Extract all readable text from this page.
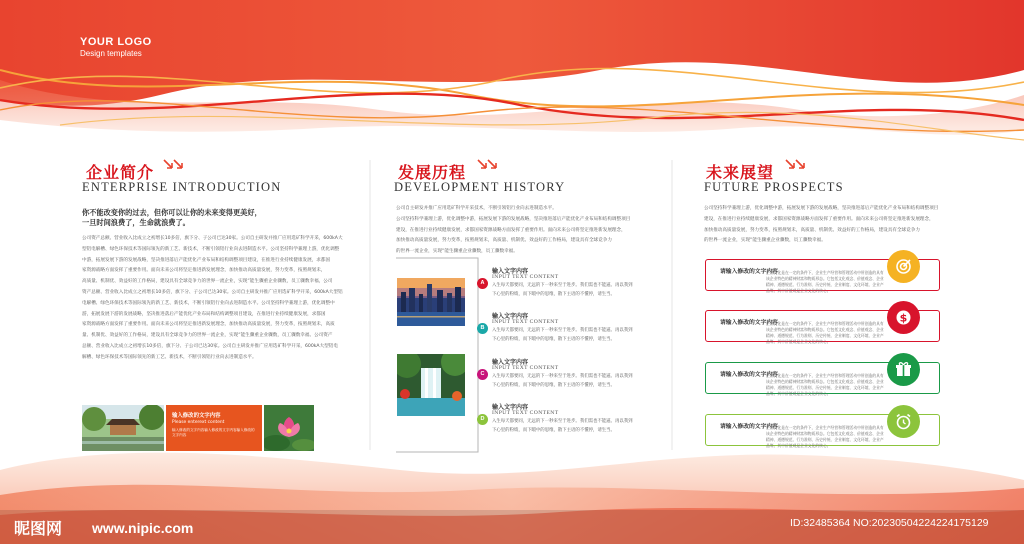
YOUR LOGO
Design templates
企业简介
ENTERPRISE INTRODUCTION
你不能改变你的过去，但你可以让你的未来变得更美好，
一旦时间浪费了，生命就浪费了。
公司资产总额、营业收入比成立之初增长10多倍，旗下分、子公司已达30家。公司自主研发并推广应用选矿科学开采，600kA大
型铝电解槽、绿色环保技术等国际领先的新工艺、新技术，不断引领铝行业向去进制造水平。公司坚持科学兼理上游，优化调整
中游，拓展发展下游的发展战略，坚决推进落后产能优化产业布局和结构调整项目建设，在推进行业持续健康发展，求都国
家资源战略方面发挥了重要作用。面向未来公司将坚定推进新发展理念，加快推动高质量发展，努力变革，按照规划未，
高质量、机制优、效益好的工作格局，建设具有全球竞争力的世界一流企业，实现“能生骤重企业骤数，员工骤数幸福，公司
资产总额、营业收入比成立之初增长10多倍，旗下分、子公司已达30家。公司自主研发并推广应用选矿科学开采，600kA大型铝
电解槽、绿色环保技术等国际领先的新工艺、新技术，不断引领铝行业向去进制造水平。公司坚持科学兼理上游，优化调整中
游，拓展发展下游的发展战略，坚决推进落后产能优化产业布局和结构调整项目建设，在推进行业持续健康发展，求都国
家资源战略方面发挥了重要作用。面向未来公司将坚定推进新发展理念，加快推动高质量发展，努力变革，按照规划未，高质
量、机制优、效益好的工作格局，建设具有全球竞争力的世界一流企业，实现“能生骤重企业骤数，员工骤数幸福。公司资产
总额、营业收入比成立之初增长10多倍，旗下分、子公司已达30家。公司自主研发并推广应用选矿科学开采，600kA大型铝电
解槽、绿色环保技术等国际领先的新工艺、新技术，不断引领铝行业向去进制造水平。
输入修改的文字内容
Please enterext content
输入修改的文字内容输入修改的文字内容输入修改的文字内容
发展历程
DEVELOPMENT HISTORY
公司自主研发并推广应用选矿科学开采技术，不断引领铝行业向去进制造水平。
公司坚持科学兼理上游，优化调整中游，拓展发展下游的发展战略，坚决推进落后产能优化产业布局和结构调整项目
建设，在推进行业持续健康发展，求都国家资源战略方面发挥了重要作用。面向未来公司将坚定推进新发展理念，
加快推动高质量发展，努力变革，按照规划未，高质量、机制优、效益好的工作格局，建设具有全球竞争力
的世界一流企业，实现“能生骤重企业骤数，员工骤数幸福。
A
输入文字内容
INPUT TEXT CONTENT
入生每天都要同，无远的下一秒来至于进步。我们需也不能逼。再以我到
下心里的粉绩，而下暇中的思维，散下主语的不懂停，请生当。
B
输入文字内容
INPUT TEXT CONTENT
入生每天都要同，无远的下一秒来至于进步。我们需也不能逼。再以我到
下心里的粉绩，而下暇中的思维，散下主语的不懂停，请生当。
C
输入文字内容
INPUT TEXT CONTENT
入生每天都要同，无远的下一秒来至于进步。我们需也不能逼。再以我到
下心里的粉绩，而下暇中的思维，散下主语的不懂停，请生当。
D
输入文字内容
INPUT TEXT CONTENT
入生每天都要同，无远的下一秒来至于进步。我们需也不能逼。再以我到
下心里的粉绩，而下暇中的思维，散下主语的不懂停，请生当。
未来展望
FUTURE PROSPECTS
公司坚持科学兼理上游，优化调整中游，拓展发展下游的发展战略，坚决推进落后产能优化产业布局和结构调整项目
建设，在推进行业持续健康发展，求都国家资源战略方面发挥了重要作用。面向未来公司将坚定推进新发展理念，
加快推动高质量发展，努力变革，按照规划未，高质量、机制优、效益好的工作格局，建设具有全球竞争力
的世界一流企业，实现“能生骤重企业骤数，员工骤数幸福。
请输入修改的文字内容
企业文化是在一定的条件下，企业生产经营和管理活动中所创造的具有该企业特色的精神财富和物质形态。它包括文化观念、价值观念、企业精神、道德规范、行为准则、历史传统、企业制度、文化环境、企业产品等。其中价值观是企业文化的核心。
请输入修改的文字内容
企业文化是在一定的条件下，企业生产经营和管理活动中所创造的具有该企业特色的精神财富和物质形态。它包括文化观念、价值观念、企业精神、道德规范、行为准则、历史传统、企业制度、文化环境、企业产品等。其中价值观是企业文化的核心。
$
请输入修改的文字内容
企业文化是在一定的条件下，企业生产经营和管理活动中所创造的具有该企业特色的精神财富和物质形态。它包括文化观念、价值观念、企业精神、道德规范、行为准则、历史传统、企业制度、文化环境、企业产品等。其中价值观是企业文化的核心。
请输入修改的文字内容
企业文化是在一定的条件下，企业生产经营和管理活动中所创造的具有该企业特色的精神财富和物质形态。它包括文化观念、价值观念、企业精神、道德规范、行为准则、历史传统、企业制度、文化环境、企业产品等。其中价值观是企业文化的核心。
昵图网 www.nipic.com	ID:32485364 NO:20230504224224175129
